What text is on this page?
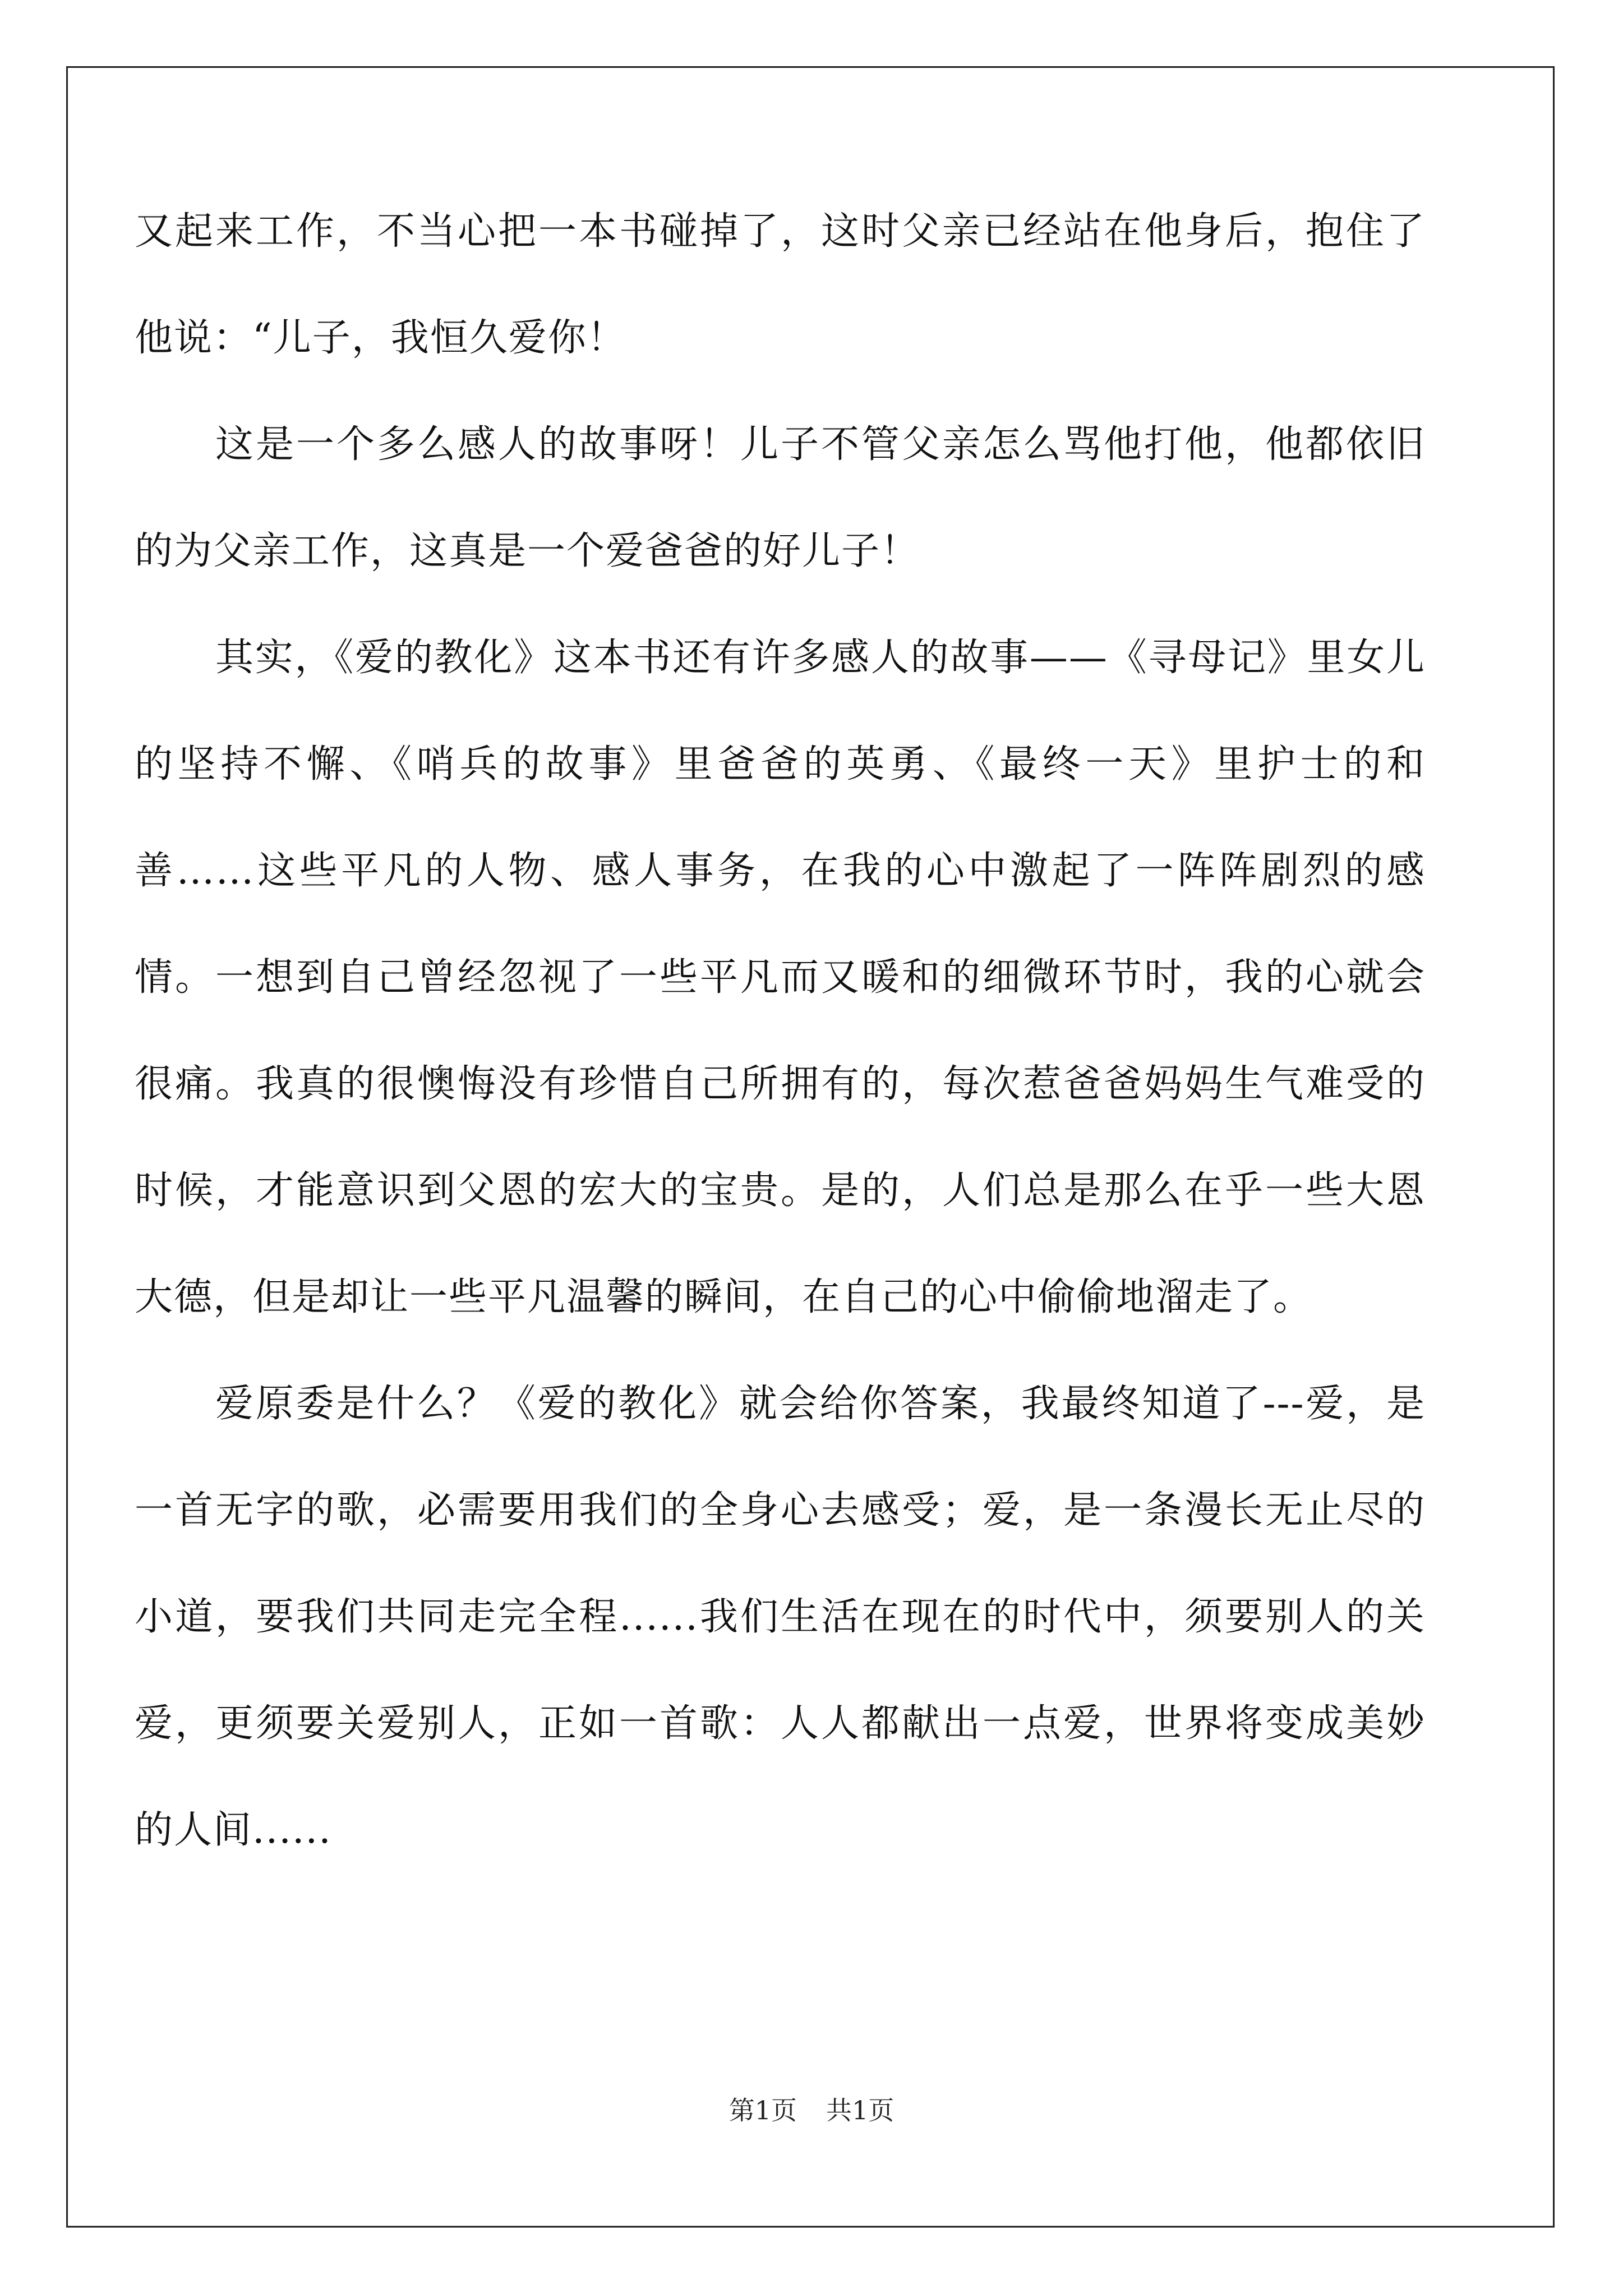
又起来工作，不当心把一本书碰掉了，这时父亲已经站在他身后，抱住了他说：“儿子，我恒久爱你！

这是一个多么感人的故事呀！儿子不管父亲怎么骂他打他，他都依旧的为父亲工作，这真是一个爱爸爸的好儿子！

其实，《爱的教化》这本书还有许多感人的故事——《寻母记》里女儿的坚持不懈、《哨兵的故事》里爸爸的英勇、《最终一天》里护士的和善……这些平凡的人物、感人事务，在我的心中激起了一阵阵剧烈的感情。一想到自己曾经忽视了一些平凡而又暖和的细微环节时，我的心就会很痛。我真的很懊悔没有珍惜自己所拥有的，每次惹爸爸妈妈生气难受的时候，才能意识到父恩的宏大的宝贵。是的，人们总是那么在乎一些大恩大德，但是却让一些平凡温馨的瞬间，在自己的心中偷偷地溜走了。

爱原委是什么？《爱的教化》就会给你答案，我最终知道了---爱，是一首无字的歌，必需要用我们的全身心去感受；爱，是一条漫长无止尽的小道，要我们共同走完全程......我们生活在现在的时代中，须要别人的关爱，更须要关爱别人，正如一首歌：人人都献出一点爱，世界将变成美妙的人间......

第1页 共1页
